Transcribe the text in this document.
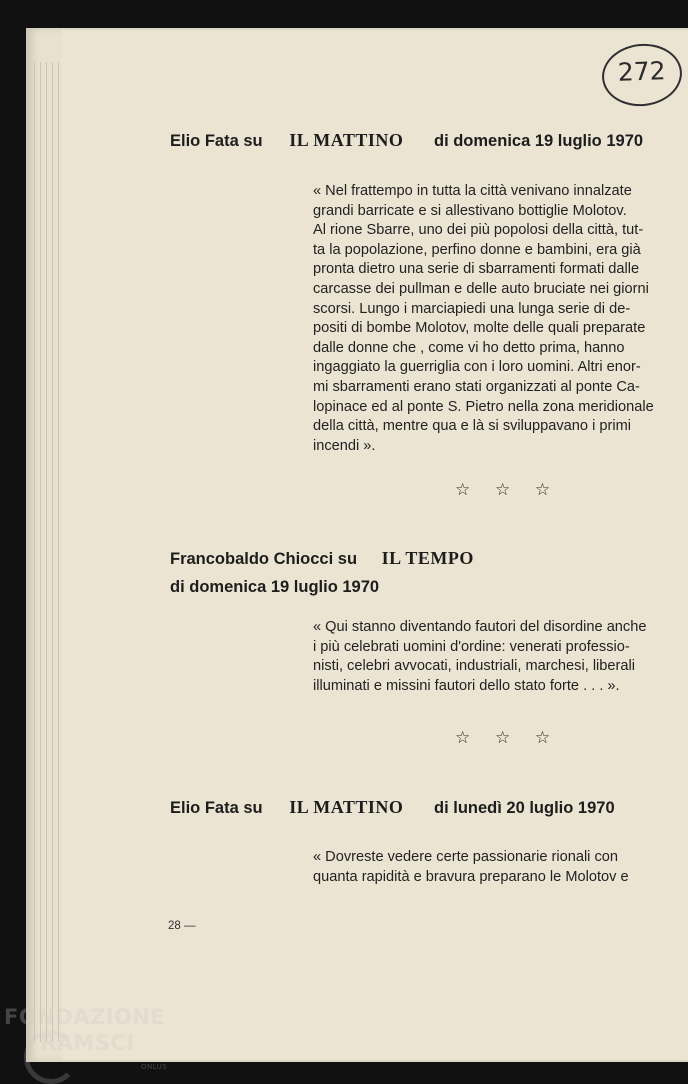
272
Elio Fata su IL MATTINO di domenica 19 luglio 1970
« Nel frattempo in tutta la città venivano innalzate
grandi barricate e si allestivano bottiglie Molotov.
Al rione Sbarre, uno dei più popolosi della città, tut-
ta la popolazione, perfino donne e bambini, era già
pronta dietro una serie di sbarramenti formati dalle
carcasse dei pullman e delle auto bruciate nei giorni
scorsi. Lungo i marciapiedi una lunga serie di de-
positi di bombe Molotov, molte delle quali preparate
dalle donne che , come vi ho detto prima, hanno
ingaggiato la guerriglia con i loro uomini. Altri enor-
mi sbarramenti erano stati organizzati al ponte Ca-
lopinace ed al ponte S. Pietro nella zona meridionale
della città, mentre qua e là si sviluppavano i primi
incendi ».
☆ ☆ ☆
Francobaldo Chiocci su IL TEMPO
di domenica 19 luglio 1970
« Qui stanno diventando fautori del disordine anche
i più celebrati uomini d'ordine: venerati professio-
nisti, celebri avvocati, industriali, marchesi, liberali
illuminati e missini fautori dello stato forte . . . ».
☆ ☆ ☆
Elio Fata su IL MATTINO di lunedì 20 luglio 1970
« Dovreste vedere certe passionarie rionali con
quanta rapidità e bravura preparano le Molotov e
28 —
FONDAZIONE
RAMSCI
ONLUS
